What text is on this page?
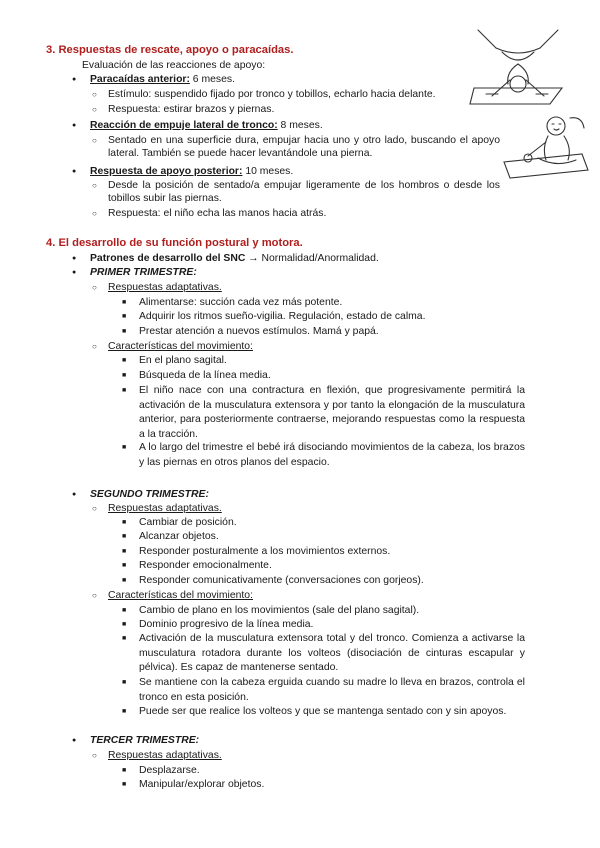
3. Respuestas de rescate, apoyo o paracaídas.
Evaluación de las reacciones de apoyo:
● Paracaídas anterior: 6 meses.
○ Estímulo: suspendido fijado por tronco y tobillos, echarlo hacia delante.
○ Respuesta: estirar brazos y piernas.
● Reacción de empuje lateral de tronco: 8 meses.
○ Sentado en una superficie dura, empujar hacia uno y otro lado, buscando el apoyo lateral. También se puede hacer levantándole una pierna.
● Respuesta de apoyo posterior: 10 meses.
○ Desde la posición de sentado/a empujar ligeramente de los hombros o desde los tobillos subir las piernas.
○ Respuesta: el niño echa las manos hacia atrás.
4. El desarrollo de su función postural y motora.
● Patrones de desarrollo del SNC → Normalidad/Anormalidad.
● PRIMER TRIMESTRE:
○ Respuestas adaptativas.
■ Alimentarse: succión cada vez más potente.
■ Adquirir los ritmos sueño-vigilia. Regulación, estado de calma.
■ Prestar atención a nuevos estímulos. Mamá y papá.
○ Características del movimiento:
■ En el plano sagital.
■ Búsqueda de la línea media.
■ El niño nace con una contractura en flexión, que progresivamente permitirá la activación de la musculatura extensora y por tanto la elongación de la musculatura anterior, para posteriormente contraerse, mejorando respuestas como la respuesta a la tracción.
■ A lo largo del trimestre el bebé irá disociando movimientos de la cabeza, los brazos y las piernas en otros planos del espacio.
● SEGUNDO TRIMESTRE:
○ Respuestas adaptativas.
■ Cambiar de posición.
■ Alcanzar objetos.
■ Responder posturalmente a los movimientos externos.
■ Responder emocionalmente.
■ Responder comunicativamente (conversaciones con gorjeos).
○ Características del movimiento:
■ Cambio de plano en los movimientos (sale del plano sagital).
■ Dominio progresivo de la línea media.
■ Activación de la musculatura extensora total y del tronco. Comienza a activarse la musculatura rotadora durante los volteos (disociación de cinturas escapular y pélvica). Es capaz de mantenerse sentado.
■ Se mantiene con la cabeza erguida cuando su madre lo lleva en brazos, controla el tronco en esta posición.
■ Puede ser que realice los volteos y que se mantenga sentado con y sin apoyos.
● TERCER TRIMESTRE:
○ Respuestas adaptativas.
■ Desplazarse.
■ Manipular/explorar objetos.
